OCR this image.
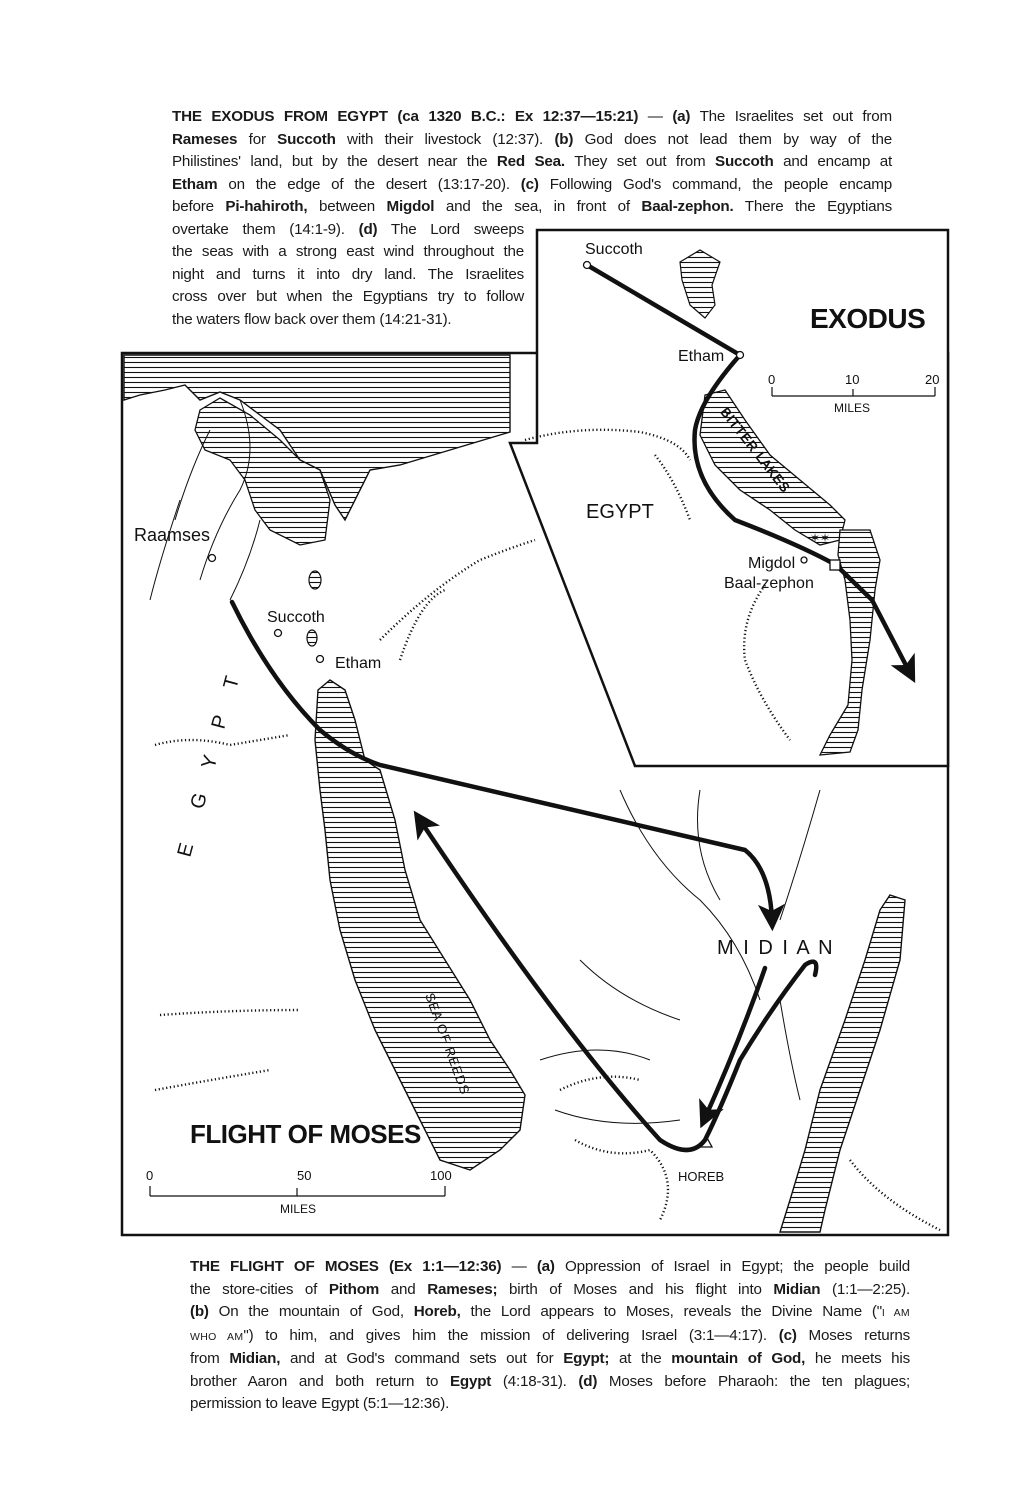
THE EXODUS FROM EGYPT (ca 1320 B.C.: Ex 12:37—15:21) — (a) The Israelites set out from
Rameses for Succoth with their livestock (12:37). (b) God does not lead them by way of the
Philistines' land, but by the desert near the Red Sea. They set out from Succoth and encamp at
Etham on the edge of the desert (13:17-20). (c) Following God's command, the people encamp
before Pi-hahiroth, between Migdol and the sea, in front of Baal-zephon. There the Egyptians
overtake them (14:1-9). (d) The Lord sweeps
the seas with a strong east wind throughout the
night and turns it into dry land. The Israelites
cross over but when the Egyptians try to follow
the waters flow back over them (14:21-31).
THE FLIGHT OF MOSES (Ex 1:1—12:36) — (a) Oppression of Israel in Egypt; the people build
the store-cities of Pithom and Rameses; birth of Moses and his flight into Midian (1:1—2:25).
(b) On the mountain of God, Horeb, the Lord appears to Moses, reveals the Divine Name ("I AM
WHO AM") to him, and gives him the mission of delivering Israel (3:1—4:17). (c) Moses returns
from Midian, and at God's command sets out for Egypt; at the mountain of God, he meets his
brother Aaron and both return to Egypt (4:18-31). (d) Moses before Pharaoh: the ten plagues;
permission to leave Egypt (5:1—12:36).
E
G
Y
P
T
M I D I A N
SEA OF REEDS
Raamses
Succoth
Etham
HOREB
FLIGHT OF MOSES
0	50	100
MILES
Succoth
Etham
Migdol
Baal-zephon
✶✶
EGYPT
BITTER LAKES
EXODUS
0	10	20
MILES
